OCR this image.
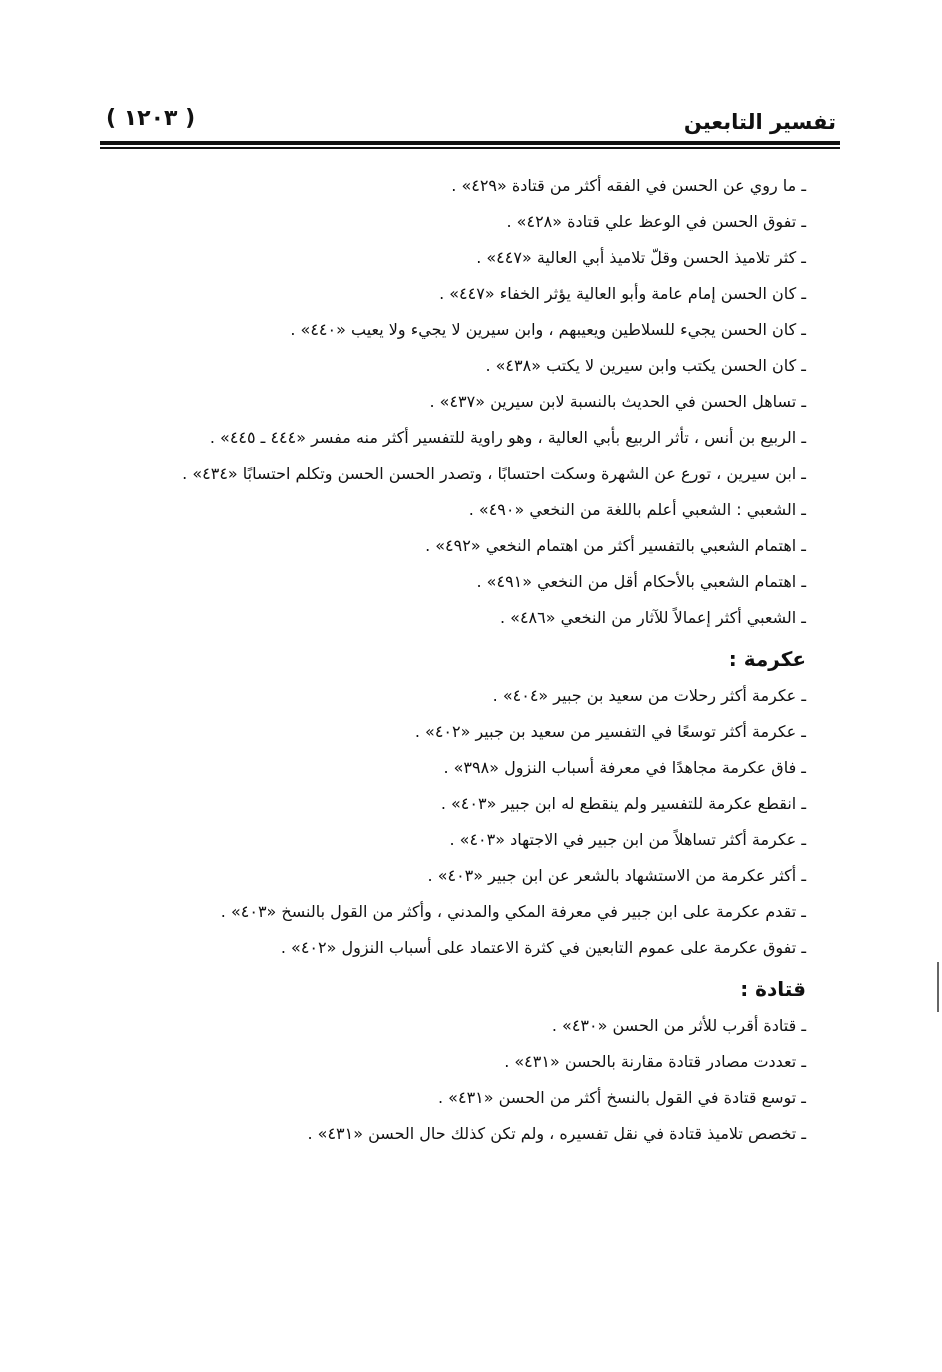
تفسير التابعين
( ١٢٠٣ )
ـ ما روي عن الحسن في الفقه أكثر من قتادة «٤٢٩» .
ـ تفوق الحسن في الوعظ علي قتادة «٤٢٨» .
ـ كثر تلاميذ الحسن وقلّ تلاميذ أبي العالية «٤٤٧» .
ـ كان الحسن إمام عامة وأبو العالية يؤثر الخفاء «٤٤٧» .
ـ كان الحسن يجيء للسلاطين ويعيبهم ، وابن سيرين لا يجيء ولا يعيب «٤٤٠» .
ـ كان الحسن يكتب وابن سيرين لا يكتب «٤٣٨» .
ـ تساهل الحسن في الحديث بالنسبة لابن سيرين «٤٣٧» .
ـ الربيع بن أنس ، تأثر الربيع بأبي العالية ، وهو راوية للتفسير أكثر منه مفسر «٤٤٤ ـ ٤٤٥» .
ـ ابن سيرين ، تورع عن الشهرة وسكت احتسابًا ، وتصدر الحسن الحسن وتكلم احتسابًا «٤٣٤» .
ـ الشعبي : الشعبي أعلم باللغة من النخعي «٤٩٠» .
ـ اهتمام الشعبي بالتفسير أكثر من اهتمام النخعي «٤٩٢» .
ـ اهتمام الشعبي بالأحكام أقل من النخعي «٤٩١» .
ـ الشعبي أكثر إعمالاً للآثار من النخعي «٤٨٦» .
عكرمة :
ـ عكرمة أكثر رحلات من سعيد بن جبير «٤٠٤» .
ـ عكرمة أكثر توسعًا في التفسير من سعيد بن جبير «٤٠٢» .
ـ فاق عكرمة مجاهدًا في معرفة أسباب النزول «٣٩٨» .
ـ انقطع عكرمة للتفسير ولم ينقطع له ابن جبير «٤٠٣» .
ـ عكرمة أكثر تساهلاً من ابن جبير في الاجتهاد «٤٠٣» .
ـ أكثر عكرمة من الاستشهاد بالشعر عن ابن جبير «٤٠٣» .
ـ تقدم عكرمة على ابن جبير في معرفة المكي والمدني ، وأكثر من القول بالنسخ «٤٠٣» .
ـ تفوق عكرمة على عموم التابعين في كثرة الاعتماد على أسباب النزول «٤٠٢» .
قتادة :
ـ قتادة أقرب للأثر من الحسن «٤٣٠» .
ـ تعددت مصادر قتادة مقارنة بالحسن «٤٣١» .
ـ توسع قتادة في القول بالنسخ أكثر من الحسن «٤٣١» .
ـ تخصص تلاميذ قتادة في نقل تفسيره ، ولم تكن كذلك حال الحسن «٤٣١» .
